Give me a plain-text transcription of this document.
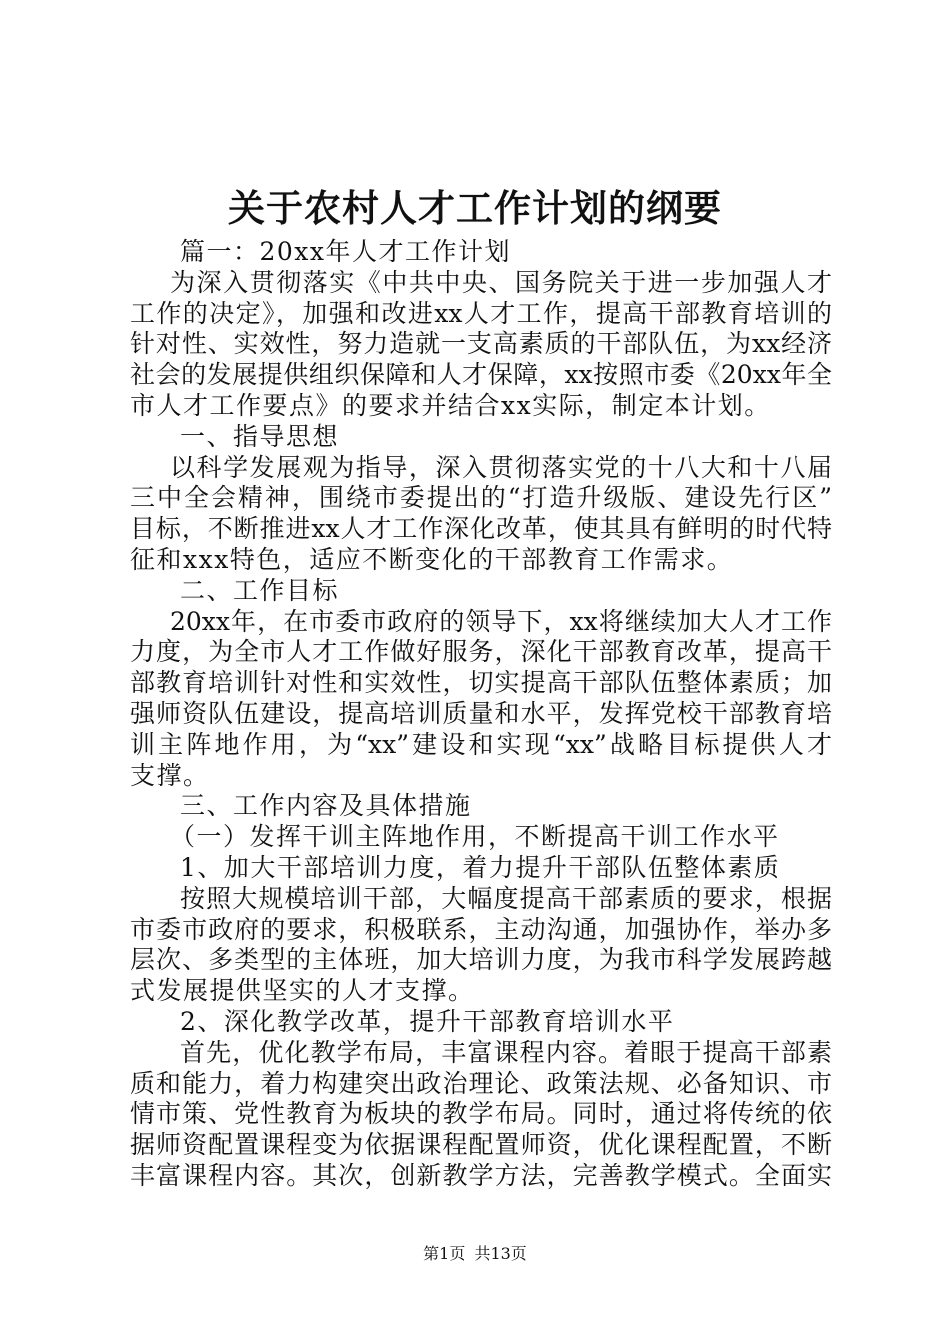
关于农村人才工作计划的纲要
篇一：20xx年人才工作计划
为深入贯彻落实《中共中央、国务院关于进一步加强人才
工作的决定》，加强和改进xx人才工作，提高干部教育培训的
针对性、实效性，努力造就一支高素质的干部队伍，为xx经济
社会的发展提供组织保障和人才保障，xx按照市委《20xx年全
市人才工作要点》的要求并结合xx实际，制定本计划。
一、指导思想
以科学发展观为指导，深入贯彻落实党的十八大和十八届
三中全会精神，围绕市委提出的“打造升级版、建设先行区”
目标，不断推进xx人才工作深化改革，使其具有鲜明的时代特
征和xxx特色，适应不断变化的干部教育工作需求。
二、工作目标
20xx年，在市委市政府的领导下，xx将继续加大人才工作
力度，为全市人才工作做好服务，深化干部教育改革，提高干
部教育培训针对性和实效性，切实提高干部队伍整体素质；加
强师资队伍建设，提高培训质量和水平，发挥党校干部教育培
训主阵地作用，为“xx”建设和实现“xx”战略目标提供人才
支撑。
三、工作内容及具体措施
（一）发挥干训主阵地作用，不断提高干训工作水平
1、加大干部培训力度，着力提升干部队伍整体素质
按照大规模培训干部，大幅度提高干部素质的要求，根据
市委市政府的要求，积极联系，主动沟通，加强协作，举办多
层次、多类型的主体班，加大培训力度，为我市科学发展跨越
式发展提供坚实的人才支撑。
2、深化教学改革，提升干部教育培训水平
首先，优化教学布局，丰富课程内容。着眼于提高干部素
质和能力，着力构建突出政治理论、政策法规、必备知识、市
情市策、党性教育为板块的教学布局。同时，通过将传统的依
据师资配置课程变为依据课程配置师资，优化课程配置，不断
丰富课程内容。其次，创新教学方法，完善教学模式。全面实
第1页 共13页
